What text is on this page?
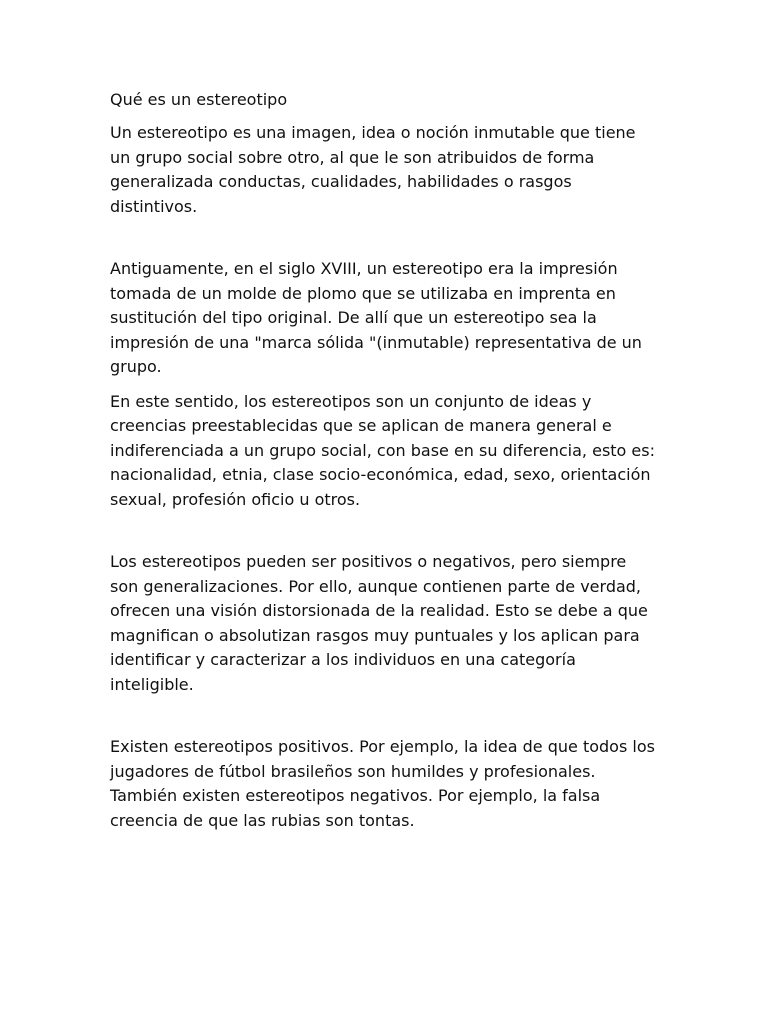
Qué es un estereotipo

Un estereotipo es una imagen, idea o noción inmutable que tiene un grupo social sobre otro, al que le son atribuidos de forma generalizada conductas, cualidades, habilidades o rasgos distintivos.

Antiguamente, en el siglo XVIII, un estereotipo era la impresión tomada de un molde de plomo que se utilizaba en imprenta en sustitución del tipo original. De allí que un estereotipo sea la impresión de una "marca sólida "(inmutable) representativa de un grupo.

En este sentido, los estereotipos son un conjunto de ideas y creencias preestablecidas que se aplican de manera general e indiferenciada a un grupo social, con base en su diferencia, esto es: nacionalidad, etnia, clase socio-económica, edad, sexo, orientación sexual, profesión oficio u otros.

Los estereotipos pueden ser positivos o negativos, pero siempre son generalizaciones. Por ello, aunque contienen parte de verdad, ofrecen una visión distorsionada de la realidad. Esto se debe a que magnifican o absolutizan rasgos muy puntuales y los aplican para identificar y caracterizar a los individuos en una categoría inteligible.

Existen estereotipos positivos. Por ejemplo, la idea de que todos los jugadores de fútbol brasileños son humildes y profesionales. También existen estereotipos negativos. Por ejemplo, la falsa creencia de que las rubias son tontas.
